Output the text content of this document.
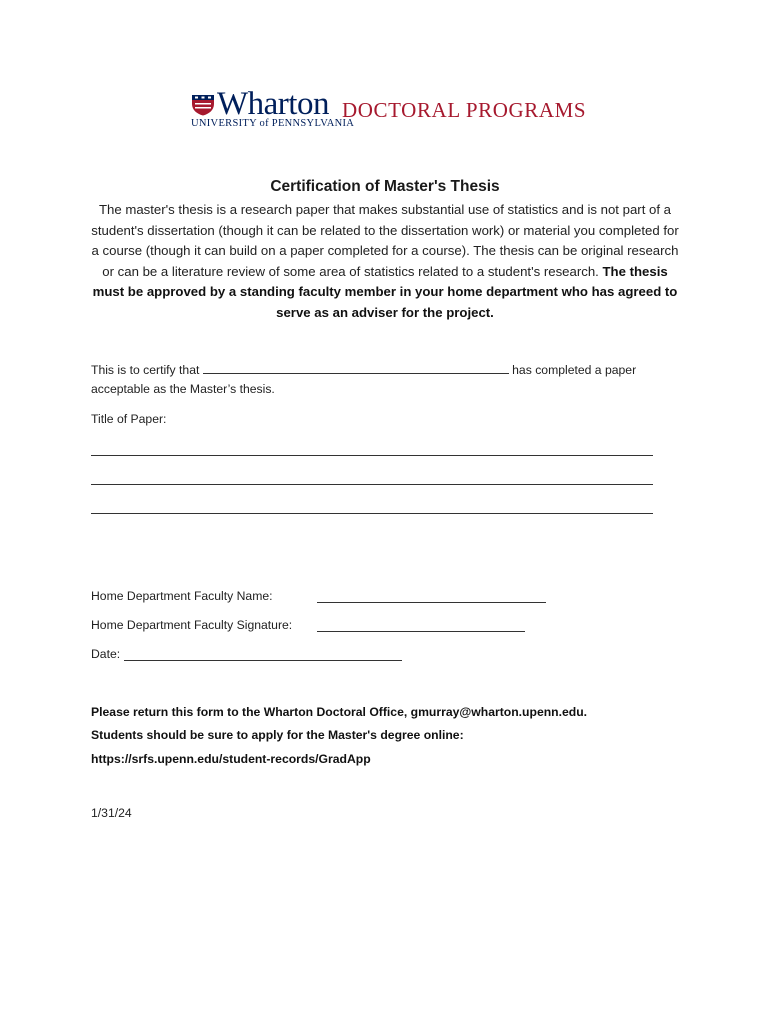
Wharton
UNIVERSITY of PENNSYLVANIA
DOCTORAL PROGRAMS
Certification of Master's Thesis
The master's thesis is a research paper that makes substantial use of statistics and is not part of a student's dissertation (though it can be related to the dissertation work) or material you completed for a course (though it can build on a paper completed for a course). The thesis can be original research or can be a literature review of some area of statistics related to a student's research. The thesis must be approved by a standing faculty member in your home department who has agreed to serve as an adviser for the project.
This is to certify that	has completed a paper
acceptable as the Master’s thesis.
Title of Paper:
Home Department Faculty Name:
Home Department Faculty Signature:
Date:
Please return this form to the Wharton Doctoral Office, gmurray@wharton.upenn.edu.
Students should be sure to apply for the Master's degree online:
https://srfs.upenn.edu/student-records/GradApp
1/31/24
